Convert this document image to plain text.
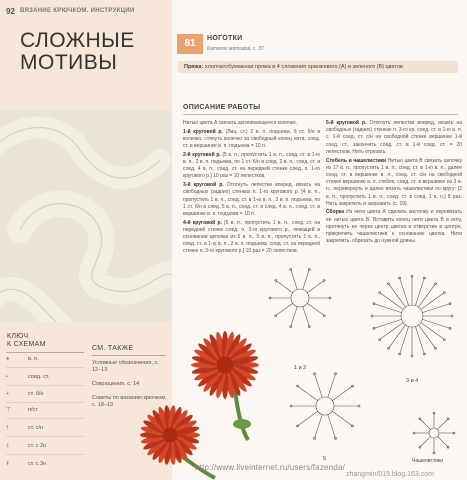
92 ВЯЗАНИЕ КРЮЧКОМ. ИНСТРУКЦИИ
СЛОЖНЫЕ
МОТИВЫ
КЛЮЧ
К СХЕМАМ
●	в. п.
•	соед. ст.
+	ст. б/н
⊤	п/ст
†	ст. с/н
‡	ст. с 2н
Ŧ	ст. с 3н
СМ. ТАКЖЕ
Условные обозначения, с. 12–13
Сокращения, с. 14
Советы по вязанию крючком, с. 18–19
81	НОГОТКИ
Каталог мотивов, с. 37
Пряжа: хлопчатобумажная пряжа в 4 сложения оранжевого (А) и зеленого (В) цветов
ОПИСАНИЕ РАБОТЫ

Нитью цвета А связать затягивающееся колечко.

1-й круговой р. (Лиц. ст.) 2 в. п. подъема, 9 ст. б/н в колечко, стянуть колечко за свободный конец нити, соед. ст. в вершинке в. п. подъема = 10 п.

2-й круговой р. [5 в. п., пропустить 1 в. п., соед. ст. в 1-ю в. п., 2 в. п. подъема, по 1 ст. б/н в след. 2 в. п., соед. ст. в след. 4 в. п., соед. ст. на передней стенке след. п. 1-го кругового р.] 10 раз = 10 лепестков.

3-й круговой р. Отогнуть лепестки вперед, вязать на свободных (задних) стенках п. 1-го кругового р. [4 в. п., пропустить 1 в. п., соед. ст. в 1-ю в. п., 2 в. п. подъема, по 1 ст. б/н в след. 5 в. п., соед. ст. в след. 4 в. п., соед. ст. в вершинке в. п. подъема = 10 п.

4-й круговой р. [5 в. п., пропустить 1 в. п., соед. ст. на передней стенке след. п. 3-го кругового р., лежащей в основании цепочки из 5 в. п., 5 в. п., пропустить 1 в. п., соед. ст. в 1-ю в. п., 2 в. п. подъема, соед. ст. на передней стенке п. 3-го кругового р.] 10 раз = 20 лепестков.

5-й круговой р. Отогнуть лепестки вперед, вязать на свободных (задних) стенках п. 3-го кр. соед. ст. в 1-ю в. п. с. 1-й соед. ст. с/н на свободной стенке вершинке 1-й соед. ст., закончить соед. ст. в 1-й соед. ст. = 20 лепестков. Нить отрезать.

Стебель и чашелистики Нитью цвета В связать цепочку из 17 в. п., пропустить 1 в. п., соед. ст. в 1-ю в. п., далее соед. ст. в вершинке в. п., соед. ст. с/н на свободной стенке вершинке в. п. стебля, соед. ст. в вершинке из 3 в. п., перевернуть и далее вязать чашелистики по кругу: [2 в. п., пропустить 1 в. п., соед. ст. в след. 1 в. п.] 8 раз. Нить закрепить и заправить (с. 19).

Сборка Из нити цвета А сделать кисточку и перевязать ее нитью цвета В. Вставить конец нити цвета В в иглу, протянуть ее через центр цветка и отверстие в центре, прикрепить чашелистики к основанию цветка. Нити закрепить, обрезать до нужной длины.

1 и 2
3 и 4
5	Чашелистики
http://www.liveinternet.ru/users/fazenda/
zhangmin/015.blog.163.com
